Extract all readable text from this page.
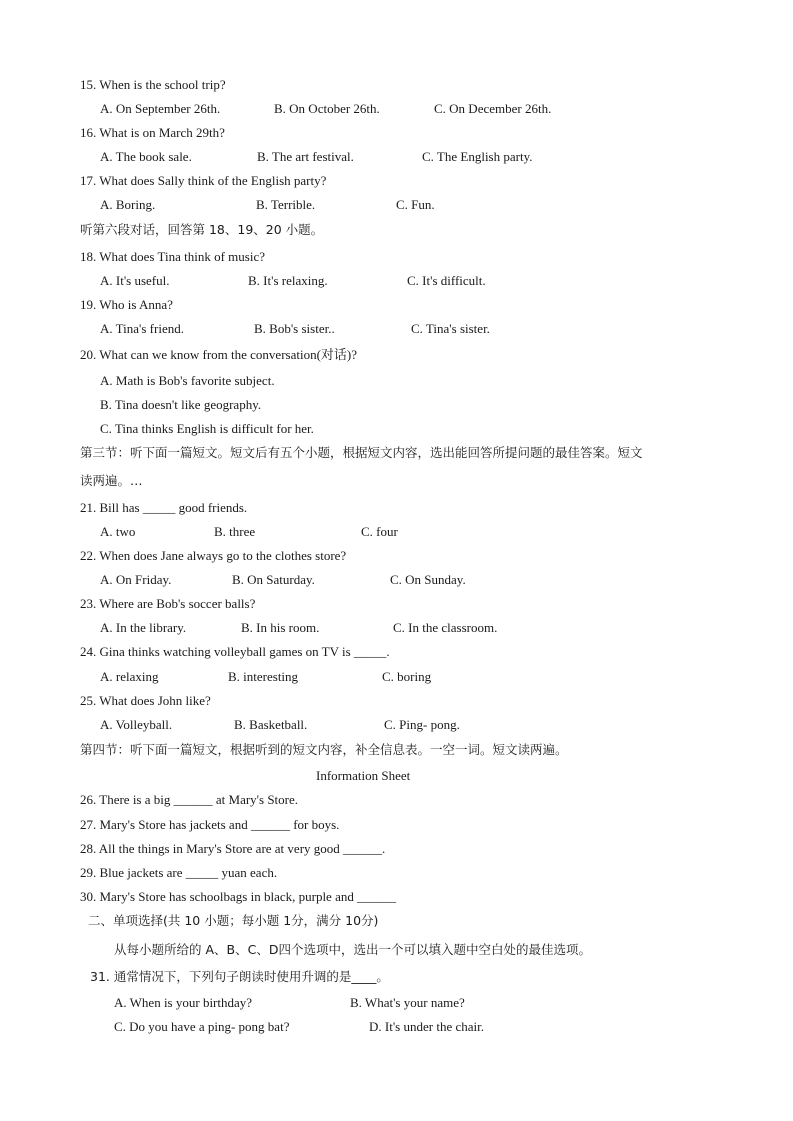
15. When is the school trip?
A. On September 26th.	B. On October 26th.	C. On December 26th.
16. What is on March 29th?
A. The book sale.	B. The art festival.	C. The English party.
17. What does Sally think of the English party?
A. Boring.	B. Terrible.	C. Fun.
听第六段对话，回答第 18、19、20 小题。
18. What does Tina think of music?
A. It's useful.	B. It's relaxing.	C. It's difficult.
19. Who is Anna?
A. Tina's friend.	B. Bob's sister..	C. Tina's sister.
20. What can we know from the conversation(对话)?
A. Math is Bob's favorite subject.
B. Tina doesn't like geography.
C. Tina thinks English is difficult for her.
第三节：听下面一篇短文。短文后有五个小题，根据短文内容，选出能回答所提问题的最佳答案。短文
读两遍。…
21. Bill has _____ good friends.
A. two	B. three	C. four
22. When does Jane always go to the clothes store?
A. On Friday.	B. On Saturday.	C. On Sunday.
23. Where are Bob's soccer balls?
A. In the library.	B. In his room.	C. In the classroom.
24. Gina thinks watching volleyball games on TV is _____.
A. relaxing	B. interesting	C. boring
25. What does John like?
A. Volleyball.	B. Basketball.	C. Ping- pong.
第四节：听下面一篇短文，根据听到的短文内容，补全信息表。一空一词。短文读两遍。
Information Sheet
26. There is a big ______ at Mary's Store.
27. Mary's Store has jackets and ______ for boys.
28. All the things in Mary's Store are at very good ______.
29. Blue jackets are _____ yuan each.
30. Mary's Store has schoolbags in black, purple and ______
二、单项选择(共 10 小题；每小题 1分，满分 10分)
从每小题所给的 A、B、C、D四个选项中，选出一个可以填入题中空白处的最佳选项。
31. 通常情况下，下列句子朗读时使用升调的是____。
A. When is your birthday?	B. What's your name?
C. Do you have a ping- pong bat?	D. It's under the chair.
